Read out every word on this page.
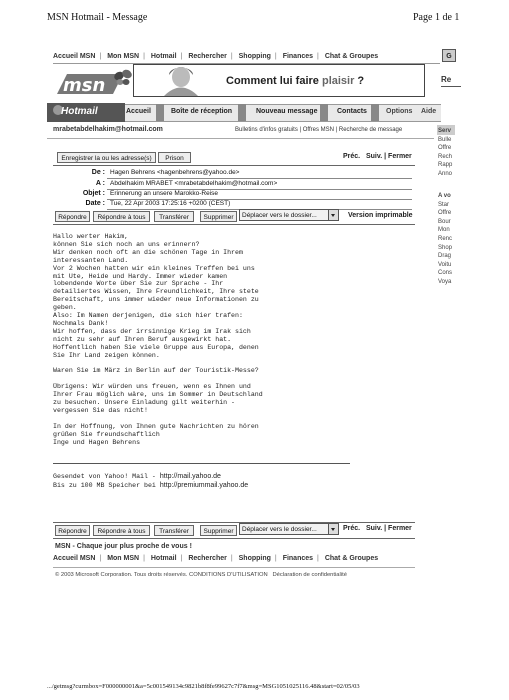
MSN Hotmail - Message	Page 1 de 1
Accueil MSN | Mon MSN | Hotmail | Rechercher | Shopping | Finances | Chat & Groupes	G
msn	Comment lui faire plaisir ?	Re
Hotmail	Accueil	Boîte de réception	Nouveau message	Contacts	Options Aide
mrabetabdelhakim@hotmail.com	Bulletins d'infos gratuits | Offres MSN | Recherche de message	Serv
Bulle
Offre
Rech
Rapp
Anno
A vo
Star
Offre
Bour
Mon
Renc
Shop
Drag
Voitu
Cons
Voya
Enregistrer la ou les adresse(s)	Prison	Préc. Suiv. | Fermer
De : Hagen Behrens <hagenbehrens@yahoo.de>
A : Abdelhakim MRABET <mrabetabdelhakim@hotmail.com>
Objet : Erinnerung an unsere Marokko-Reise
Date : Tue, 22 Apr 2003 17:25:16 +0200 (CEST)
Répondre	Répondre à tous	Transférer	Supprimer	Déplacer vers le dossier...	Version imprimable
Hallo werter Hakim,
können Sie sich noch an uns erinnern?
Wir denken noch oft an die schönen Tage in Ihrem
interessanten Land.
Vor 2 Wochen hatten wir ein kleines Treffen bei uns
mit Ute, Heide und Hardy. Immer wieder kamen
lobendende Worte über Sie zur Sprache - Ihr
detailiertes Wissen, Ihre Freundlichkeit, Ihre stete
Bereitschaft, uns immer wieder neue Informationen zu
geben.
Also: Im Namen derjenigen, die sich hier trafen:
Nochmals Dank!
Wir hoffen, dass der irrsinnige Krieg im Irak sich
nicht zu sehr auf Ihren Beruf ausgewirkt hat.
Hoffentlich haben Sie viele Gruppe aus Europa, denen
Sie Ihr Land zeigen können.

Waren Sie im März in Berlin auf der Touristik-Messe?

Übrigens: Wir würden uns freuen, wenn es Ihnen und
Ihrer Frau möglich wäre, uns im Sommer in Deutschland
zu besuchen. Unsere Einladung gilt weiterhin -
vergessen Sie das nicht!

In der Hoffnung, von Ihnen gute Nachrichten zu hören
grüßen Sie freundschaftlich
Inge und Hagen Behrens
Gesendet von Yahoo! Mail - http://mail.yahoo.de
Bis zu 100 MB Speicher bei http://premiummail.yahoo.de
Répondre	Répondre à tous	Transférer	Supprimer	Déplacer vers le dossier...	Préc. Suiv. | Fermer
MSN - Chaque jour plus proche de vous !
Accueil MSN | Mon MSN | Hotmail | Rechercher | Shopping | Finances | Chat & Groupes
© 2003 Microsoft Corporation. Tous droits réservés. CONDITIONS D'UTILISATION Déclaration de confidentialité
.../getmsg?curmbox=F000000001&a=5c001549134c9821b8f8fe99627c7f7&msg=MSG1051025116.48&start=02/05/03
